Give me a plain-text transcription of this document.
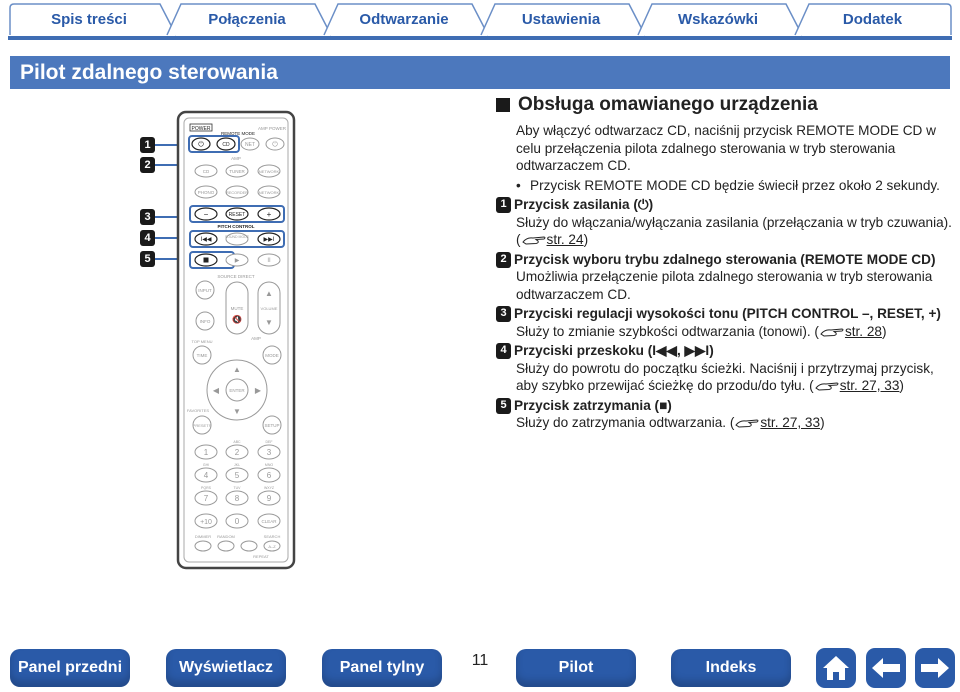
Spis treści	Połączenia	Odtwarzanie	Ustawienia	Wskazówki	Dodatek
Pilot zdalnego sterowania
1
2
3
4
5
POWER
REMOTE MODE
AMP POWER
⏻	CD	NET ⏻
AMP
CD	TUNER	NETWORK
PHONO	RECORDER	NETWORK
−	RESET	+
PITCH CONTROL
I◀◀	SOUND MODE ▶▶I
▶	II
SOURCE DIRECT
INPUT
INFO
MUTE
🔇
▲
VOLUME
▼
AMP
TOP MENU
TIME	MODE
ENTER
▲
▼
◀	▶
FAVORITES
PRESETS	SETUP
ABC	DEF
GHI	JKL	MNO
PQRS	TUV	WXYZ
1	2	3
4	5	6
7	8	9
+10	0	CLEAR
DIMMER RANDOM	SEARCH
A–Z
REPEAT
Obsługa omawianego urządzenia

Aby włączyć odtwarzacz CD, naciśnij przycisk REMOTE MODE CD w celu przełączenia pilota zdalnego sterowania w tryb sterowania odtwarzaczem CD.

• Przycisk REMOTE MODE CD będzie świecił przez około 2 sekundy.
1 Przycisk zasilania (⏻)

Służy do włączania/wyłączania zasilania (przełączania w tryb czuwania). ( str. 24)

2 Przycisk wyboru trybu zdalnego sterowania (REMOTE MODE CD)

Umożliwia przełączenie pilota zdalnego sterowania w tryb sterowania odtwarzaczem CD.

3 Przyciski regulacji wysokości tonu (PITCH CONTROL –, RESET, +)

Służy to zmianie szybkości odtwarzania (tonowi). ( str. 28)

4 Przyciski przeskoku (I◀◀, ▶▶I)

Służy do powrotu do początku ścieżki. Naciśnij i przytrzymaj przycisk, aby szybko przewijać ścieżkę do przodu/do tyłu. ( str. 27, 33)

5 Przycisk zatrzymania (■)

Służy do zatrzymania odtwarzania. ( str. 27, 33)

Panel przedni	Wyświetlacz	Panel tylny	11	Pilot	Indeks
